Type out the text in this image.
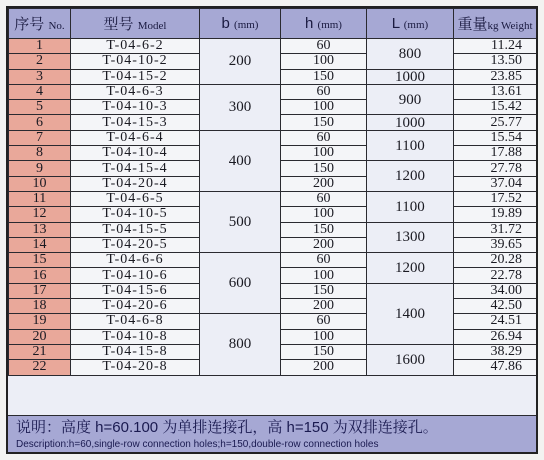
序号 No.	型号 Model	b (mm)	h (mm)	L (mm)	重量kg Weight
1	T-04-6-2	200	60	800	11.24
2	T-04-10-2		100		13.50
3	T-04-15-2		150	1000	23.85
4	T-04-6-3	300	60	900	13.61
5	T-04-10-3		100		15.42
6	T-04-15-3		150	1000	25.77
7	T-04-6-4	400	60	1100	15.54
8	T-04-10-4		100		17.88
9	T-04-15-4		150	1200	27.78
10	T-04-20-4		200		37.04
11	T-04-6-5	500	60	1100	17.52
12	T-04-10-5		100		19.89
13	T-04-15-5		150	1300	31.72
14	T-04-20-5		200		39.65
15	T-04-6-6	600	60	1200	20.28
16	T-04-10-6		100		22.78
17	T-04-15-6		150	1400	34.00
18	T-04-20-6		200		42.50
19	T-04-6-8	800	60		24.51
20	T-04-10-8		100		26.94
21	T-04-15-8		150	1600	38.29
22	T-04-20-8		200		47.86
说明：高度 h=60.100 为单排连接孔，高 h=150 为双排连接孔。
Description:h=60,single-row connection holes;h=150,double-row connection holes
